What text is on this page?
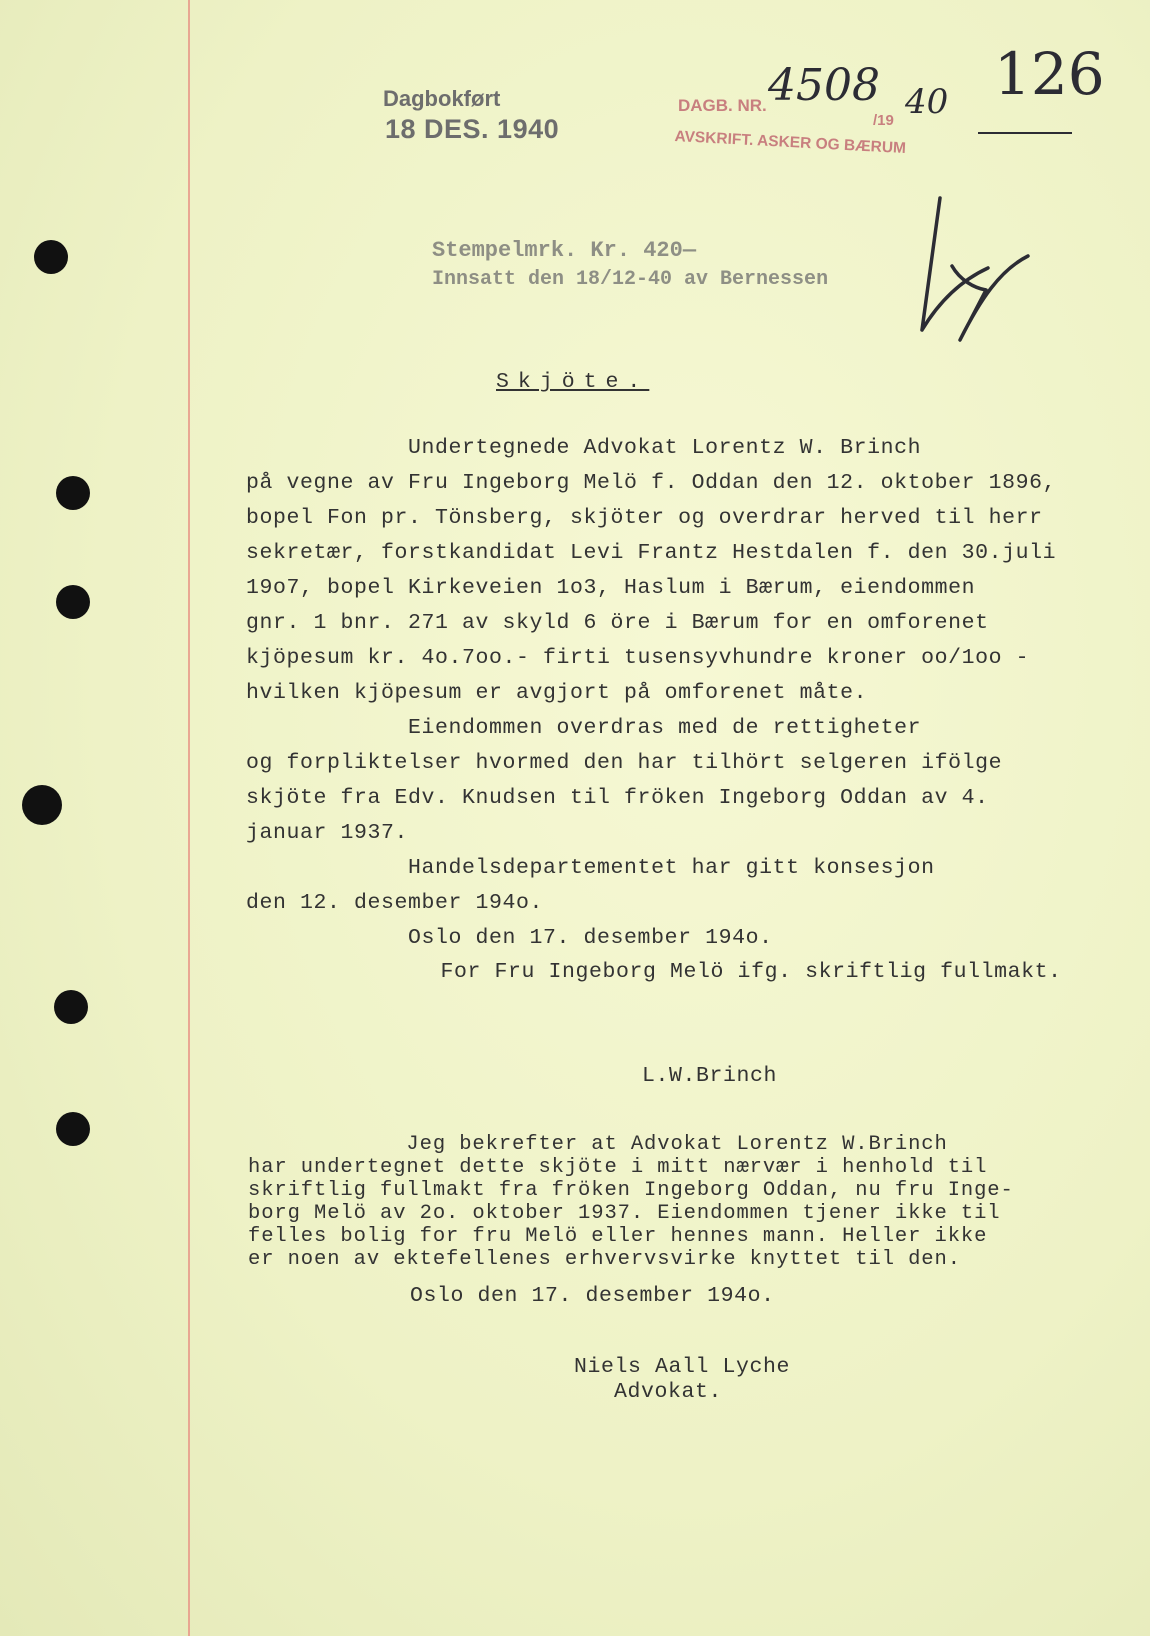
Dagbokført
18 DES. 1940
DAGB. NR. 4508
/19 40
AVSKRIFT. ASKER OG BÆRUM
126
Stempelmrk. Kr. 420—
Innsatt den 18/12-40 av Bernessen
Skjöte.
Undertegnede Advokat Lorentz W. Brinch
på vegne av Fru Ingeborg Melö f. Oddan den 12. oktober 1896,
bopel Fon pr. Tönsberg, skjöter og overdrar herved til herr
sekretær, forstkandidat Levi Frantz Hestdalen f. den 30.juli
19o7, bopel Kirkeveien 1o3, Haslum i Bærum, eiendommen
gnr. 1 bnr. 271 av skyld 6 öre i Bærum for en omforenet
kjöpesum kr. 4o.7oo.- firti tusensyvhundre kroner oo/1oo -
hvilken kjöpesum er avgjort på omforenet måte.
Eiendommen overdras med de rettigheter
og forpliktelser hvormed den har tilhört selgeren ifölge
skjöte fra Edv. Knudsen til fröken Ingeborg Oddan av 4.
januar 1937.
Handelsdepartementet har gitt konsesjon
den 12. desember 194o.
Oslo den 17. desember 194o.
For Fru Ingeborg Melö ifg. skriftlig fullmakt.
L.W.Brinch
Jeg bekrefter at Advokat Lorentz W.Brinch
har undertegnet dette skjöte i mitt nærvær i henhold til
skriftlig fullmakt fra fröken Ingeborg Oddan, nu fru Inge-
borg Melö av 2o. oktober 1937. Eiendommen tjener ikke til
felles bolig for fru Melö eller hennes mann. Heller ikke
er noen av ektefellenes erhvervsvirke knyttet til den.
Oslo den 17. desember 194o.
Niels Aall Lyche
Advokat.
